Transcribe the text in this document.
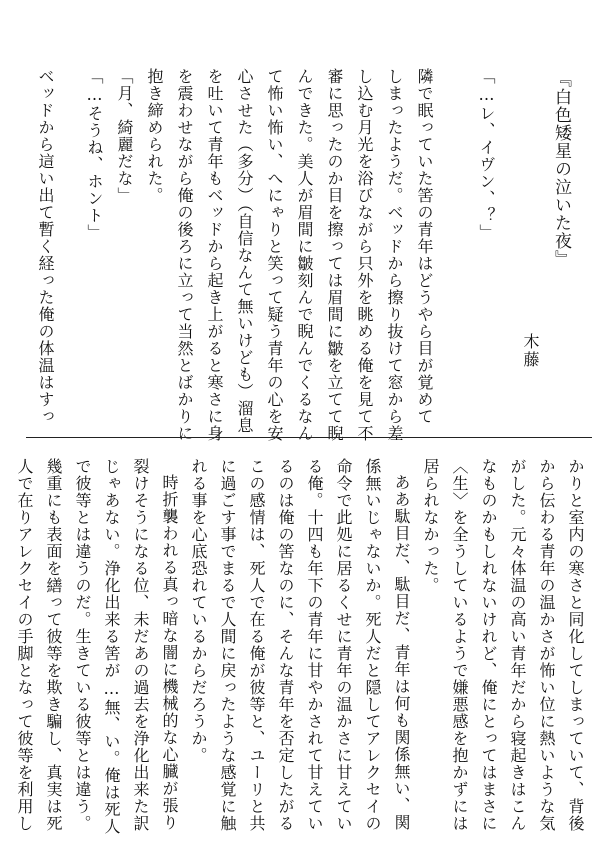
『白色矮星の泣いた夜』
木藤
「…レ、イヴン、？」
隣で眠っていた筈の青年はどうやら目が覚めて
しまったようだ。ベッドから擦り抜けて窓から差
し込む月光を浴びながら只外を眺める俺を見て不
審に思ったのか目を擦っては眉間に皺を立てて睨
んできた。美人が眉間に皺刻んで睨んでくるなん
て怖い怖い、へにゃりと笑って疑う青年の心を安
心させた（多分）（自信なんて無いけども）溜息
を吐いて青年もベッドから起き上がると寒さに身
を震わせながら俺の後ろに立って当然とばかりに
抱き締められた。
「月、綺麗だな」
「…そうね、ホント」
ベッドから這い出て暫く経った俺の体温はすっ
かりと室内の寒さと同化してしまっていて、背後
から伝わる青年の温かさが怖い位に熱いような気
がした。元々体温の高い青年だから寝起きはこん
なものかもしれないけれど、俺にとってはまさに
〈生〉を全うしているようで嫌悪感を抱かずには
居られなかった。
ああ駄目だ、駄目だ、青年は何も関係無い、関
係無いじゃないか。死人だと隠してアレクセイの
命令で此処に居るくせに青年の温かさに甘えてい
る俺。十四も年下の青年に甘やかされて甘えてい
るのは俺の筈なのに、そんな青年を否定したがる
この感情は、死人で在る俺が彼等と、ユーリと共
に過ごす事でまるで人間に戻ったような感覚に触
れる事を心底恐れているからだろうか。
時折襲われる真っ暗な闇に機械的な心臓が張り
裂けそうになる位、未だあの過去を浄化出来た訳
じゃあない。浄化出来る筈が…無、い。俺は死人
で彼等とは違うのだ。生きている彼等とは違う。
幾重にも表面を繕って彼等を欺き騙し、真実は死
人で在りアレクセイの手脚となって彼等を利用し
